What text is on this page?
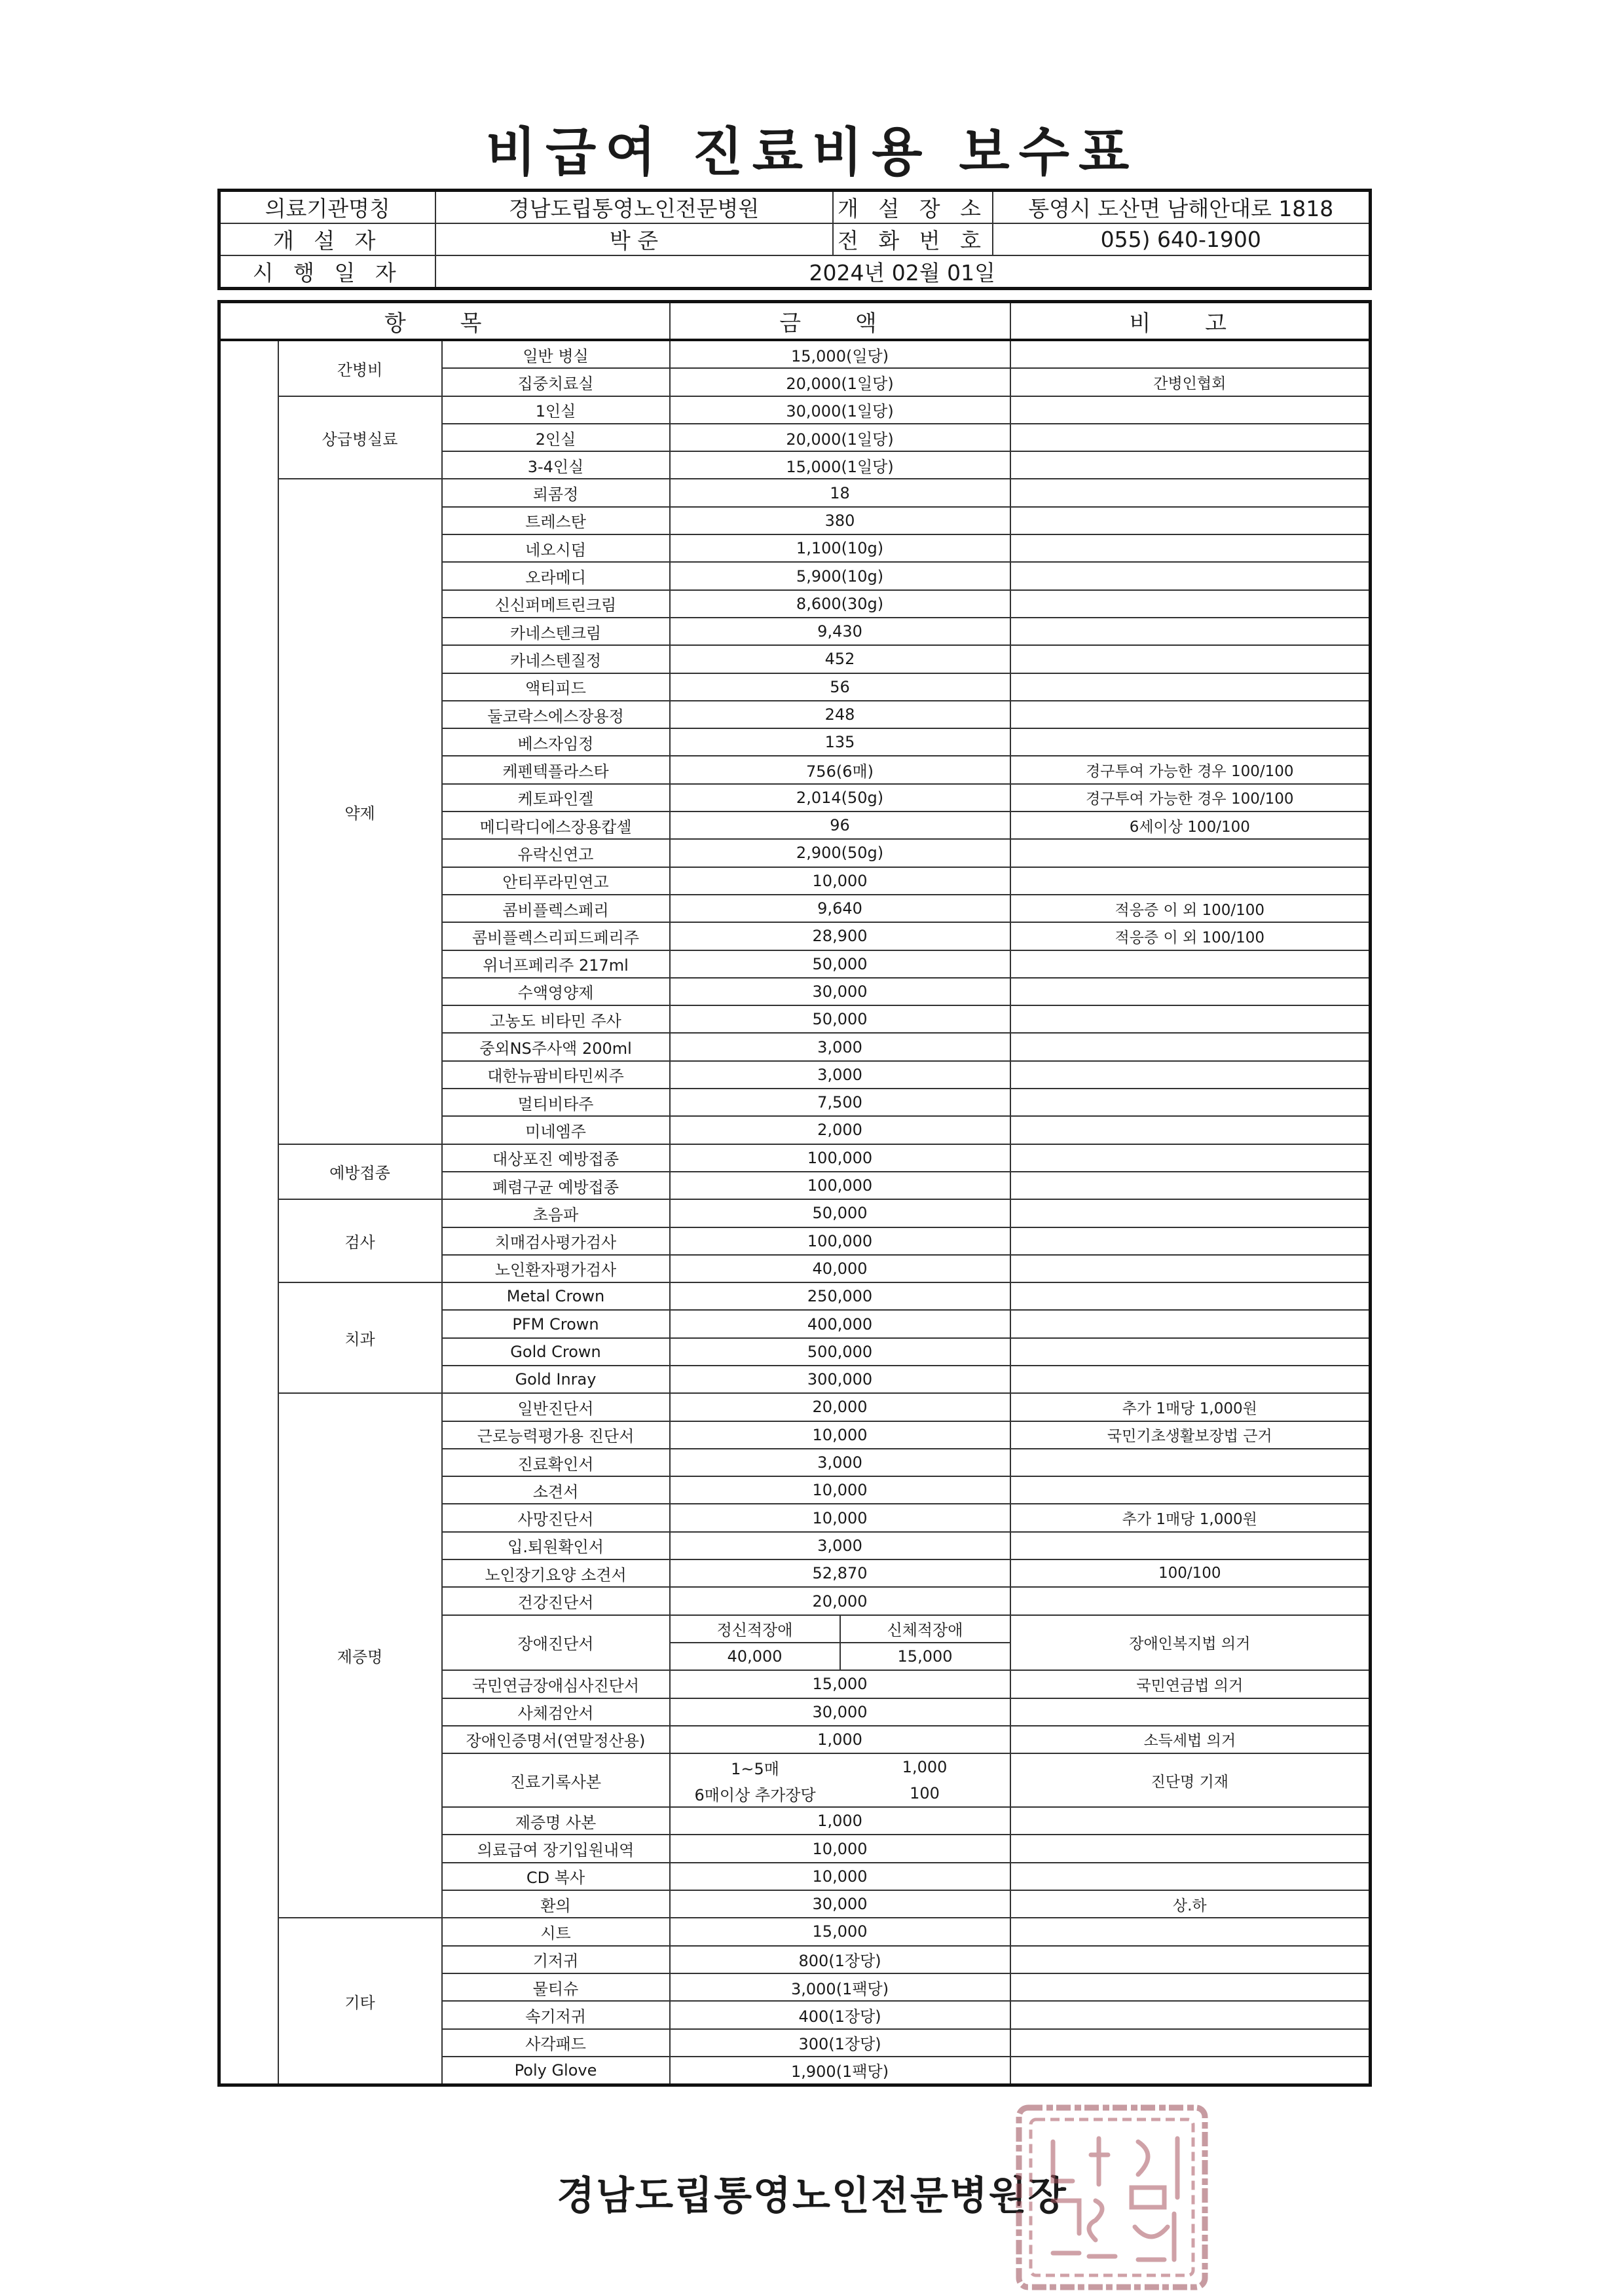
비급여 진료비용 보수표
의료기관명칭	경남도립통영노인전문병원	개 설 장 소	통영시 도산면 남해안대로 1818
개 설 자	박 준	전 화 번 호	055) 640-1900
시 행 일 자	2024년 02월 01일		
항 목			금 액		비 고
	간병비	일반 병실	15,000(일당)		
		집중치료실	20,000(1일당)		간병인협회
	상급병실료	1인실	30,000(1일당)		
		2인실	20,000(1일당)		
		3-4인실	15,000(1일당)		
	약제	뢰콤정	18		
		트레스탄	380		
		네오시덤	1,100(10g)		
		오라메디	5,900(10g)		
		신신퍼메트린크림	8,600(30g)		
		카네스텐크림	9,430		
		카네스텐질정	452		
		액티피드	56		
		둘코락스에스장용정	248		
		베스자임정	135		
		케펜텍플라스타	756(6매)		경구투여 가능한 경우 100/100
		케토파인겔	2,014(50g)		경구투여 가능한 경우 100/100
		메디락디에스장용캅셀	96		6세이상 100/100
		유락신연고	2,900(50g)		
		안티푸라민연고	10,000		
		콤비플렉스페리	9,640		적응증 이 외 100/100
		콤비플렉스리피드페리주	28,900		적응증 이 외 100/100
		위너프페리주 217ml	50,000		
		수액영양제	30,000		
		고농도 비타민 주사	50,000		
		중외NS주사액 200ml	3,000		
		대한뉴팜비타민씨주	3,000		
		멀티비타주	7,500		
		미네엠주	2,000		
	예방접종	대상포진 예방접종	100,000		
		폐렴구균 예방접종	100,000		
	검사	초음파	50,000		
		치매검사평가검사	100,000		
		노인환자평가검사	40,000		
	치과	Metal Crown	250,000		
		PFM Crown	400,000		
		Gold Crown	500,000		
		Gold Inray	300,000		
	제증명	일반진단서	20,000		추가 1매당 1,000원
		근로능력평가용 진단서	10,000		국민기초생활보장법 근거
		진료확인서	3,000		
		소견서	10,000		
		사망진단서	10,000		추가 1매당 1,000원
		입.퇴원확인서	3,000		
		노인장기요양 소견서	52,870		100/100
		건강진단서	20,000		
		장애진단서	정신적장애	신체적장애	장애인복지법 의거
			40,000	15,000	
		국민연금장애심사진단서	15,000		국민연금법 의거
		사체검안서	30,000		
		장애인증명서(연말정산용)	1,000		소득세법 의거
		진료기록사본	1~5매	1,000	진단명 기재
			6매이상 추가장당	100	
		제증명 사본	1,000		
		의료급여 장기입원내역	10,000		
		CD 복사	10,000		
		환의	30,000		상.하
	기타	시트	15,000		
		기저귀	800(1장당)		
		물티슈	3,000(1팩당)		
		속기저귀	400(1장당)		
		사각패드	300(1장당)		
		Poly Glove	1,900(1팩당)		
경남도립통영노인전문병원장
